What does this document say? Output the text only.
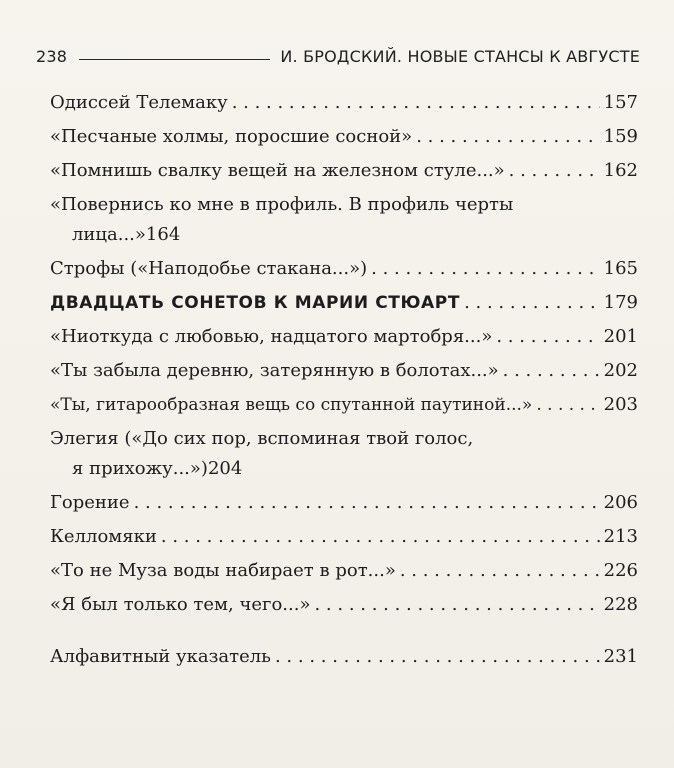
238	И. БРОДСКИЙ. НОВЫЕ СТАНСЫ К АВГУСТЕ
Одиссей Телемаку . . .	157
«Песчаные холмы, поросшие сосной» . . .	159
«Помнишь свалку вещей на железном стуле...» . . .	162
«Повернись ко мне в профиль. В профиль черты
лица...» 164
Строфы («Наподобье стакана...») . . .	165
ДВАДЦАТЬ СОНЕТОВ К МАРИИ СТЮАРТ . . .	179
«Ниоткуда с любовью, надцатого мартобря...» . . .	201
«Ты забыла деревню, затерянную в болотах...» . . .	202
«Ты, гитарообразная вещь со спутанной паутиной...» . . .	203
Элегия («До сих пор, вспоминая твой голос,
я прихожу...») 204
Горение . . .	206
Келломяки . . .	213
«То не Муза воды набирает в рот...» . . .	226
«Я был только тем, чего...» . . .	228
Алфавитный указатель . . .	231
